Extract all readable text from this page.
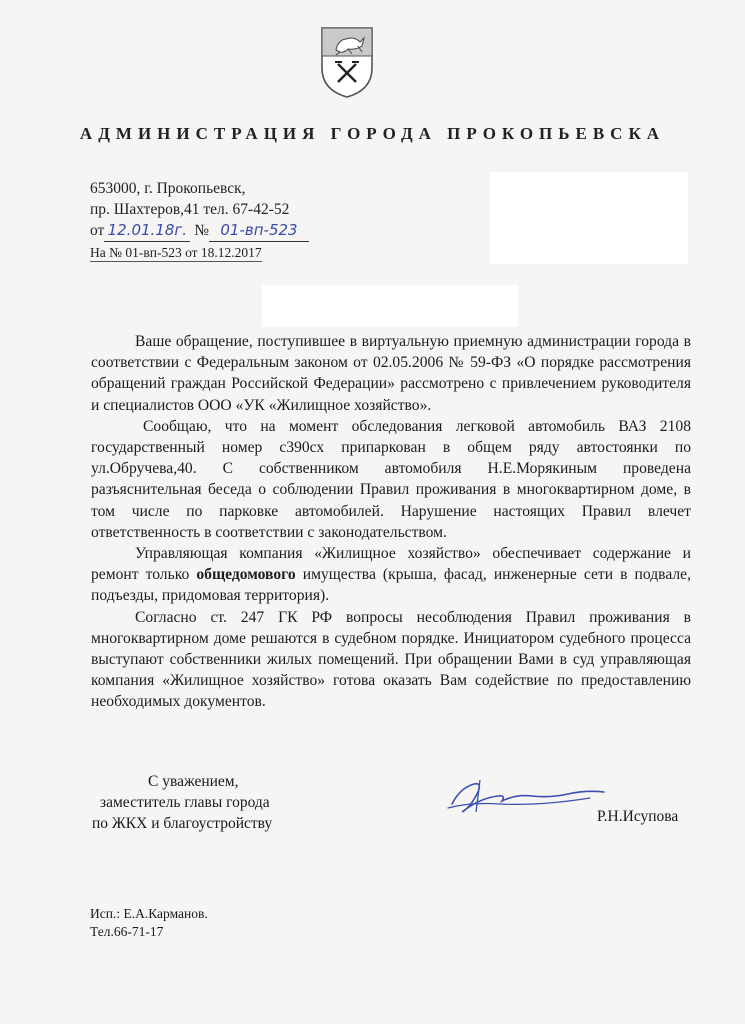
АДМИНИСТРАЦИЯ ГОРОДА ПРОКОПЬЕВСКА
653000, г. Прокопьевск,
пр. Шахтеров,41 тел. 67-42-52
от 12.01.18г. № 01-вп-523
На № 01-вп-523 от 18.12.2017

Ваше обращение, поступившее в виртуальную приемную администрации города в соответствии с Федеральным законом от 02.05.2006 № 59-ФЗ «О порядке рассмотрения обращений граждан Российской Федерации» рассмотрено с привлечением руководителя и специалистов ООО «УК «Жилищное хозяйство».

Сообщаю, что на момент обследования легковой автомобиль ВАЗ 2108 государственный номер с390сх припаркован в общем ряду автостоянки по ул.Обручева,40. С собственником автомобиля Н.Е.Морякиным проведена разъяснительная беседа о соблюдении Правил проживания в многоквартирном доме, в том числе по парковке автомобилей. Нарушение настоящих Правил влечет ответственность в соответствии с законодательством.

Управляющая компания «Жилищное хозяйство» обеспечивает содержание и ремонт только общедомового имущества (крыша, фасад, инженерные сети в подвале, подъезды, придомовая территория).

Согласно ст. 247 ГК РФ вопросы несоблюдения Правил проживания в многоквартирном доме решаются в судебном порядке. Инициатором судебного процесса выступают собственники жилых помещений. При обращении Вами в суд управляющая компания «Жилищное хозяйство» готова оказать Вам содействие по предоставлению необходимых документов.

С уважением,
заместитель главы города
по ЖКХ и благоустройству	Р.Н.Исупова
Исп.: Е.А.Карманов.
Тел.66-71-17
